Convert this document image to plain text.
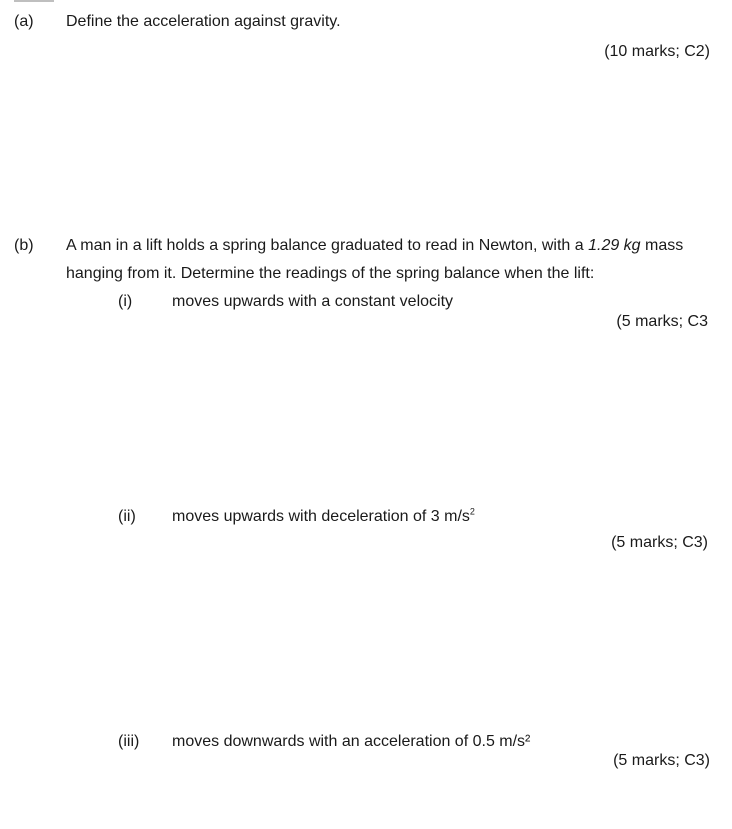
(a) Define the acceleration against gravity.
(10 marks; C2)
(b) A man in a lift holds a spring balance graduated to read in Newton, with a 1.29 kg mass
hanging from it. Determine the readings of the spring balance when the lift:
(i) moves upwards with a constant velocity
(5 marks; C3
(ii) moves upwards with deceleration of 3 $m/s^2$
(5 marks; C3)
(iii) moves downwards with an acceleration of 0.5 m/s²
(5 marks; C3)
